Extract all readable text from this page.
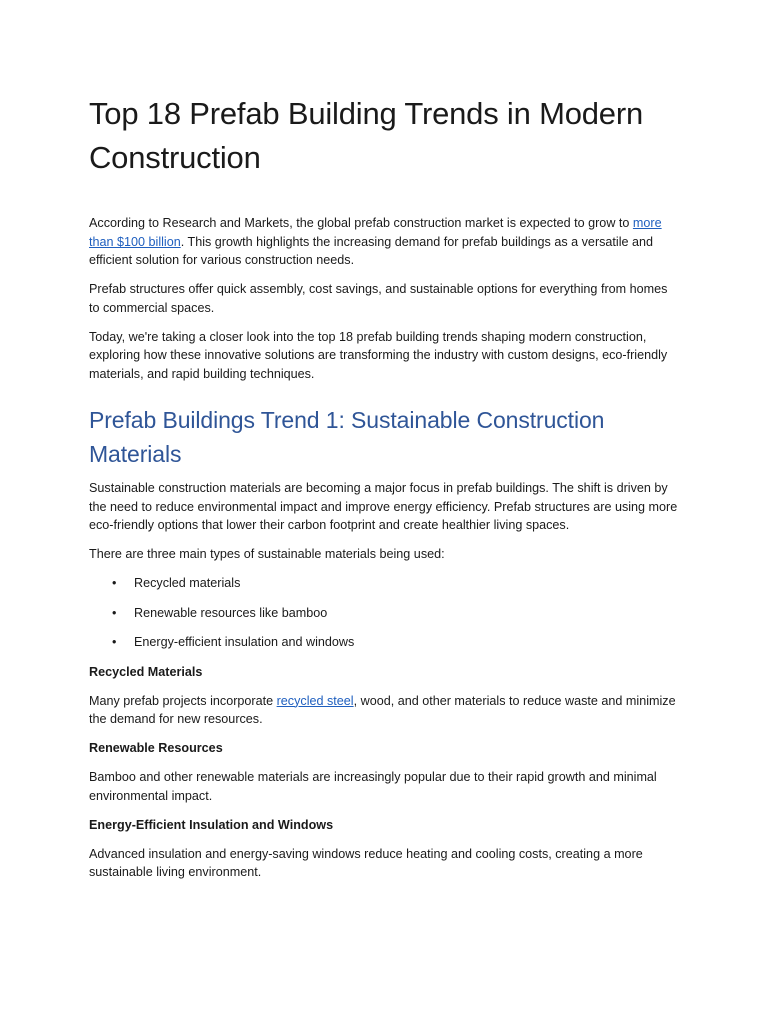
Top 18 Prefab Building Trends in Modern Construction

According to Research and Markets, the global prefab construction market is expected to grow to more than $100 billion. This growth highlights the increasing demand for prefab buildings as a versatile and efficient solution for various construction needs.

Prefab structures offer quick assembly, cost savings, and sustainable options for everything from homes to commercial spaces.

Today, we're taking a closer look into the top 18 prefab building trends shaping modern construction, exploring how these innovative solutions are transforming the industry with custom designs, eco-friendly materials, and rapid building techniques.

Prefab Buildings Trend 1: Sustainable Construction Materials

Sustainable construction materials are becoming a major focus in prefab buildings. The shift is driven by the need to reduce environmental impact and improve energy efficiency. Prefab structures are using more eco-friendly options that lower their carbon footprint and create healthier living spaces.

There are three main types of sustainable materials being used:

• Recycled materials
• Renewable resources like bamboo
• Energy-efficient insulation and windows
Recycled Materials

Many prefab projects incorporate recycled steel, wood, and other materials to reduce waste and minimize the demand for new resources.

Renewable Resources

Bamboo and other renewable materials are increasingly popular due to their rapid growth and minimal environmental impact.

Energy-Efficient Insulation and Windows

Advanced insulation and energy-saving windows reduce heating and cooling costs, creating a more sustainable living environment.
